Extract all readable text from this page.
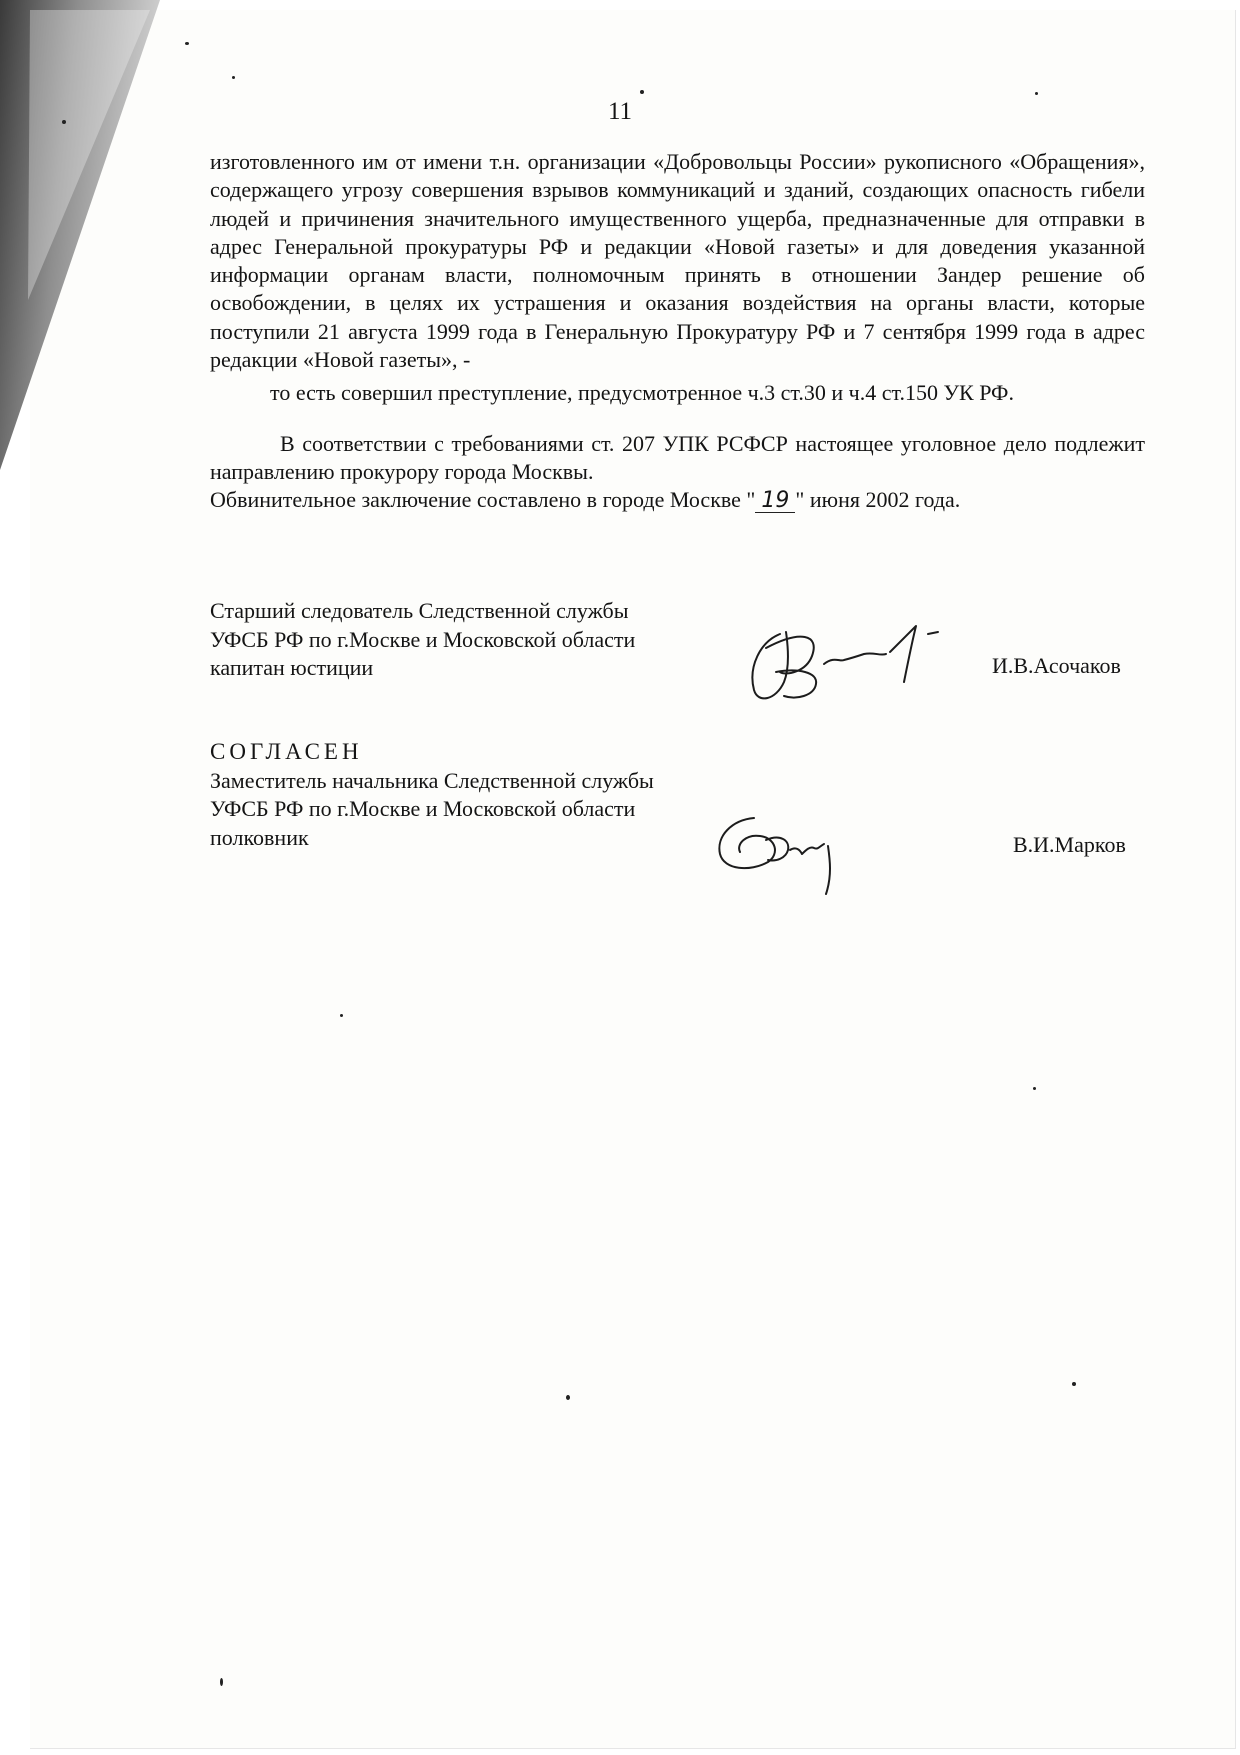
11

изготовленного им от имени т.н. организации «Добровольцы России» рукописного «Обращения», содержащего угрозу совершения взрывов коммуникаций и зданий, создающих опасность гибели людей и причинения значительного имущественного ущерба, предназначенные для отправки в адрес Генеральной прокуратуры РФ и редакции «Новой газеты» и для доведения указанной информации органам власти, полномочным принять в отношении Зандер решение об освобождении, в целях их устрашения и оказания воздействия на органы власти, которые поступили 21 августа 1999 года в Генеральную Прокуратуру РФ и 7 сентября 1999 года в адрес редакции «Новой газеты», -

то есть совершил преступление, предусмотренное ч.3 ст.30 и ч.4 ст.150 УК РФ.

В соответствии с требованиями ст. 207 УПК РСФСР настоящее уголовное дело подлежит направлению прокурору города Москвы.

Обвинительное заключение составлено в городе Москве " 19 " июня 2002 года.

Старший следователь Следственной службы
УФСБ РФ по г.Москве и Московской области
капитан юстиции	И.В.Асочаков
СОГЛАСЕН
Заместитель начальника Следственной службы
УФСБ РФ по г.Москве и Московской области
полковник	В.И.Марков
